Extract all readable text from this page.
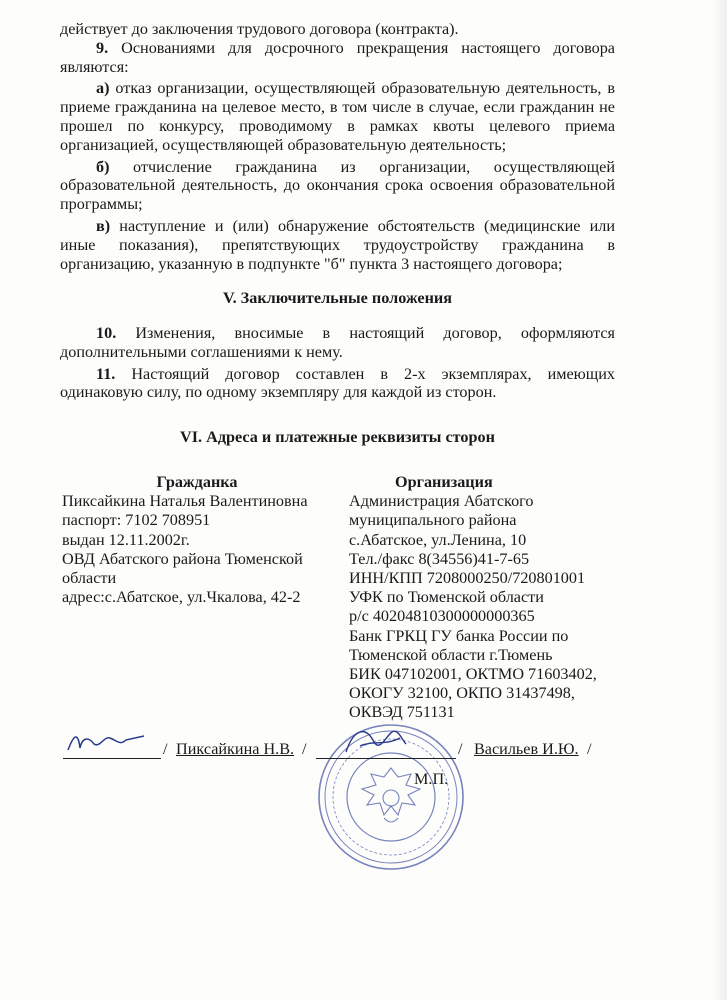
действует до заключения трудового договора (контракта).

9. Основаниями для досрочного прекращения настоящего договора являются:

а) отказ организации, осуществляющей образовательную деятельность, в приеме гражданина на целевое место, в том числе в случае, если гражданин не прошел по конкурсу, проводимому в рамках квоты целевого приема организацией, осуществляющей образовательную деятельность;

б) отчисление гражданина из организации, осуществляющей образовательной деятельность, до окончания срока освоения образовательной программы;

в) наступление и (или) обнаружение обстоятельств (медицинские или иные показания), препятствующих трудоустройству гражданина в организацию, указанную в подпункте "б" пункта 3 настоящего договора;

V. Заключительные положения

10. Изменения, вносимые в настоящий договор, оформляются дополнительными соглашениями к нему.

11. Настоящий договор составлен в 2-х экземплярах, имеющих одинаковую силу, по одному экземпляру для каждой из сторон.

VI. Адреса и платежные реквизиты сторон
Гражданка
Пиксайкина Наталья Валентиновна
паспорт: 7102 708951
выдан 12.11.2002г.
ОВД Абатского района Тюменской
области
адрес:с.Абатское, ул.Чкалова, 42-2
Организация
Администрация Абатского
муниципального района
с.Абатское, ул.Ленина, 10
Тел./факс 8(34556)41-7-65
ИНН/КПП 7208000250/720801001
УФК по Тюменской области
р/с 40204810300000000365
Банк ГРКЦ ГУ банка России по
Тюменской области г.Тюмень
БИК 047102001, ОКТМО 71603402,
ОКОГУ 32100, ОКПО 31437498,
ОКВЭД 751131
/ Пиксайкина Н.В. /	/ Васильев И.Ю. /
М.П.
